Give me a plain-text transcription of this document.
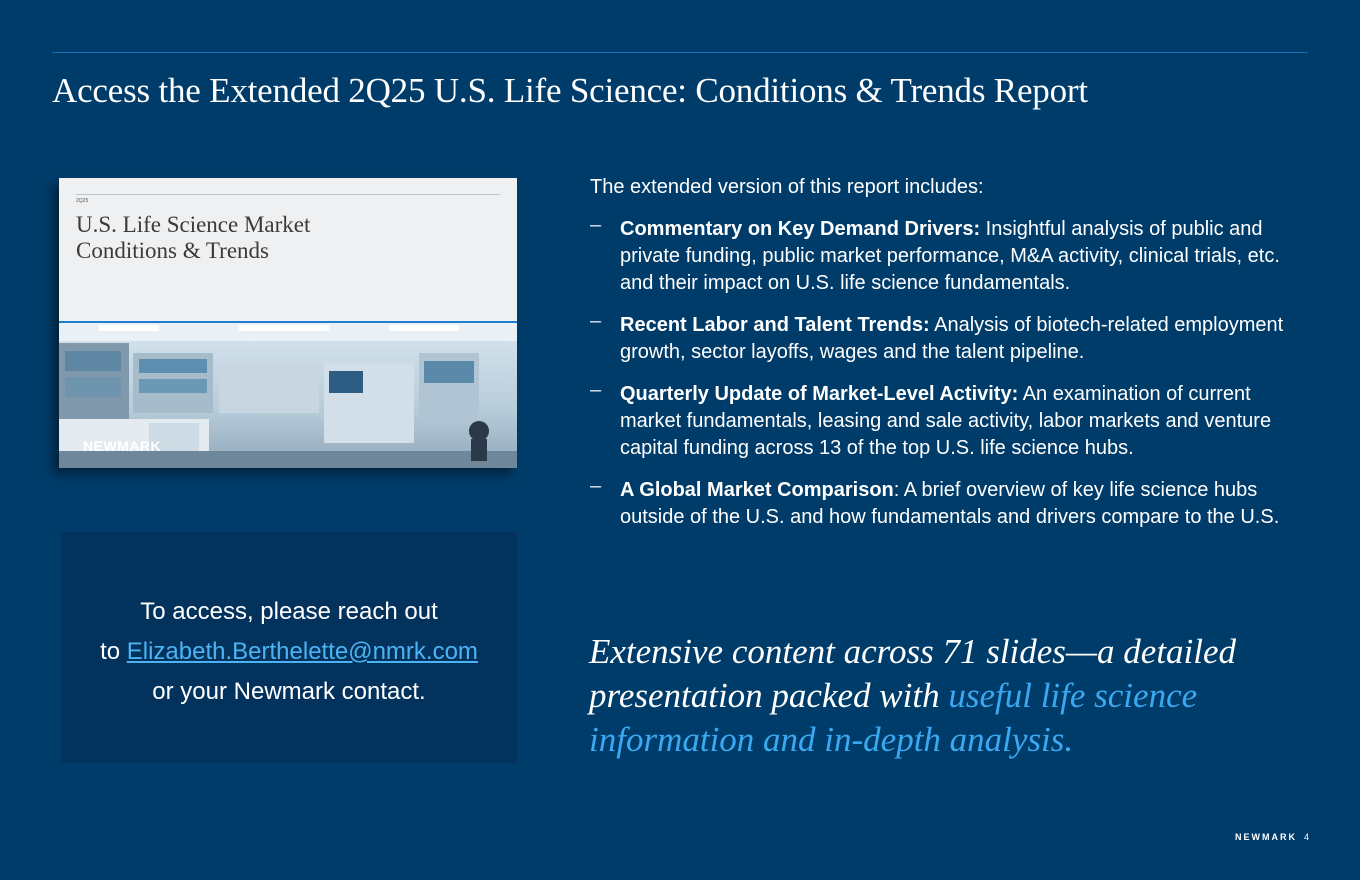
Access the Extended 2Q25 U.S. Life Science: Conditions & Trends Report
2Q25
U.S. Life Science Market
Conditions & Trends
NEWMARK
To access, please reach out
to Elizabeth.Berthelette@nmrk.com
or your Newmark contact.

The extended version of this report includes:

– Commentary on Key Demand Drivers: Insightful analysis of public and private funding, public market performance, M&A activity, clinical trials, etc. and their impact on U.S. life science fundamentals.
– Recent Labor and Talent Trends: Analysis of biotech-related employment growth, sector layoffs, wages and the talent pipeline.
– Quarterly Update of Market-Level Activity: An examination of current market fundamentals, leasing and sale activity, labor markets and venture capital funding across 13 of the top U.S. life science hubs.
– A Global Market Comparison: A brief overview of key life science hubs outside of the U.S. and how fundamentals and drivers compare to the U.S.
Extensive content across 71 slides—a detailed presentation packed with useful life science information and in-depth analysis.
NEWMARK 4
